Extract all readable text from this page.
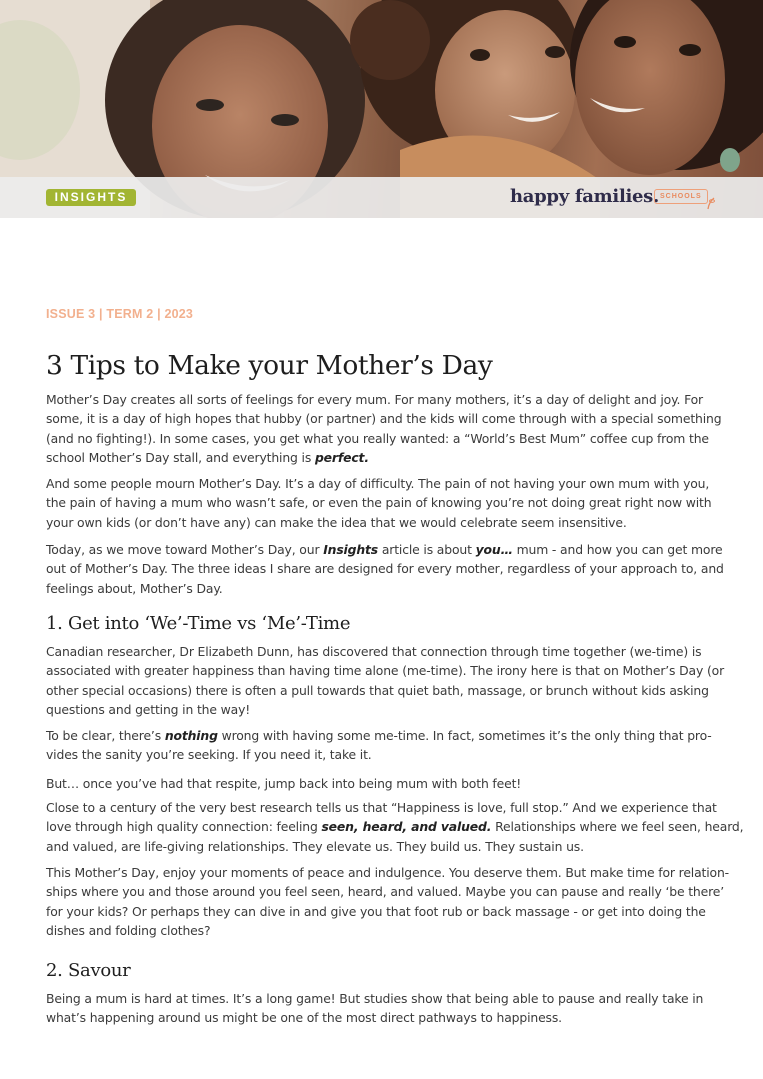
INSIGHTS	happy families. SCHOOLS
ISSUE 3 | TERM 2 | 2023
3 Tips to Make your Mother’s Day

Mother’s Day creates all sorts of feelings for every mum. For many mothers, it’s a day of delight and joy. For
some, it is a day of high hopes that hubby (or partner) and the kids will come through with a special something
(and no fighting!). In some cases, you get what you really wanted: a “World’s Best Mum” coffee cup from the
school Mother’s Day stall, and everything is perfect.

And some people mourn Mother’s Day. It’s a day of difficulty. The pain of not having your own mum with you,
the pain of having a mum who wasn’t safe, or even the pain of knowing you’re not doing great right now with
your own kids (or don’t have any) can make the idea that we would celebrate seem insensitive.

Today, as we move toward Mother’s Day, our Insights article is about you… mum - and how you can get more
out of Mother’s Day. The three ideas I share are designed for every mother, regardless of your approach to, and
feelings about, Mother’s Day.

1. Get into ‘We’-Time vs ‘Me’-Time

Canadian researcher, Dr Elizabeth Dunn, has discovered that connection through time together (we-time) is
associated with greater happiness than having time alone (me-time). The irony here is that on Mother’s Day (or
other special occasions) there is often a pull towards that quiet bath, massage, or brunch without kids asking
questions and getting in the way!

To be clear, there’s nothing wrong with having some me-time. In fact, sometimes it’s the only thing that pro-
vides the sanity you’re seeking. If you need it, take it.

But… once you’ve had that respite, jump back into being mum with both feet!

Close to a century of the very best research tells us that “Happiness is love, full stop.” And we experience that
love through high quality connection: feeling seen, heard, and valued. Relationships where we feel seen, heard,
and valued, are life-giving relationships. They elevate us. They build us. They sustain us.

This Mother’s Day, enjoy your moments of peace and indulgence. You deserve them. But make time for relation-
ships where you and those around you feel seen, heard, and valued. Maybe you can pause and really ‘be there’
for your kids? Or perhaps they can dive in and give you that foot rub or back massage - or get into doing the
dishes and folding clothes?

2. Savour

Being a mum is hard at times. It’s a long game! But studies show that being able to pause and really take in
what’s happening around us might be one of the most direct pathways to happiness.
